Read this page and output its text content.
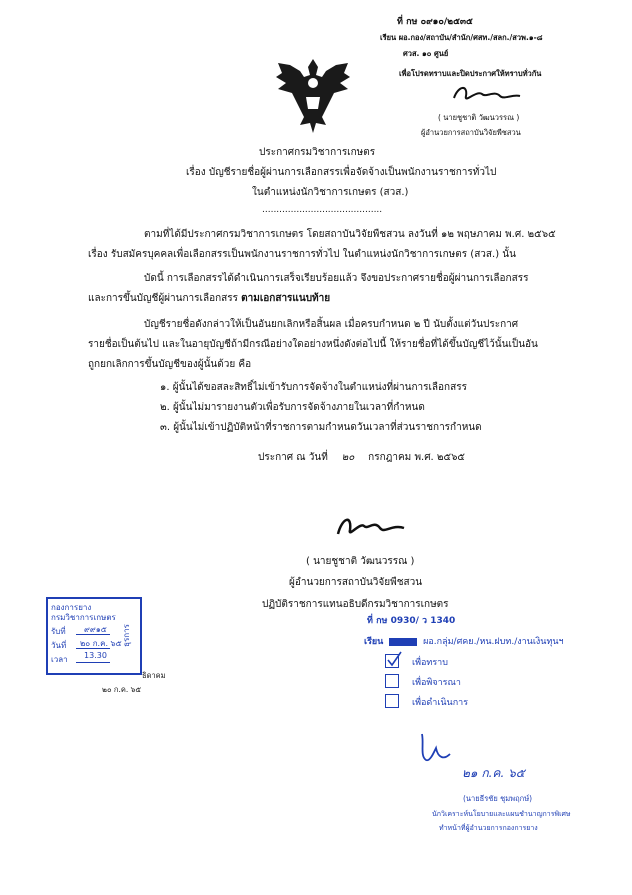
ที่ กษ ๐๙๑๐/๒๕๓๕
เรียน ผอ.กอง/สถาบัน/สำนัก/ศสท./สลก./สวพ.๑-๘
ศวส. ๑๐ ศูนย์
เพื่อโปรดทราบและปิดประกาศให้ทราบทั่วกัน
( นายชูชาติ วัฒนวรรณ )
ผู้อำนวยการสถาบันวิจัยพืชสวน
ประกาศกรมวิชาการเกษตร
เรื่อง บัญชีรายชื่อผู้ผ่านการเลือกสรรเพื่อจัดจ้างเป็นพนักงานราชการทั่วไป
ในตำแหน่งนักวิชาการเกษตร (สวส.)
..........................................
ตามที่ได้มีประกาศกรมวิชาการเกษตร โดยสถาบันวิจัยพืชสวน ลงวันที่ ๑๒ พฤษภาคม พ.ศ. ๒๕๖๕
เรื่อง รับสมัครบุคคลเพื่อเลือกสรรเป็นพนักงานราชการทั่วไป ในตำแหน่งนักวิชาการเกษตร (สวส.) นั้น
บัดนี้ การเลือกสรรได้ดำเนินการเสร็จเรียบร้อยแล้ว จึงขอประกาศรายชื่อผู้ผ่านการเลือกสรร
และการขึ้นบัญชีผู้ผ่านการเลือกสรร ตามเอกสารแนบท้าย
บัญชีรายชื่อดังกล่าวให้เป็นอันยกเลิกหรือสิ้นผล เมื่อครบกำหนด ๒ ปี นับตั้งแต่วันประกาศ
รายชื่อเป็นต้นไป และในอายุบัญชีถ้ามีกรณีอย่างใดอย่างหนึ่งดังต่อไปนี้ ให้รายชื่อที่ได้ขึ้นบัญชีไว้นั้นเป็นอัน
ถูกยกเลิกการขึ้นบัญชีของผู้นั้นด้วย คือ
๑. ผู้นั้นได้ขอสละสิทธิ์ไม่เข้ารับการจัดจ้างในตำแหน่งที่ผ่านการเลือกสรร
๒. ผู้นั้นไม่มารายงานตัวเพื่อรับการจัดจ้างภายในเวลาที่กำหนด
๓. ผู้นั้นไม่เข้าปฏิบัติหน้าที่ราชการตามกำหนดวันเวลาที่ส่วนราชการกำหนด
ประกาศ ณ วันที่ ๒๐ กรกฎาคม พ.ศ. ๒๕๖๕
( นายชูชาติ วัฒนวรรณ )
ผู้อำนวยการสถาบันวิจัยพืชสวน
ปฏิบัติราชการแทนอธิบดีกรมวิชาการเกษตร
กองการยาง
กรมวิชาการเกษตร
รับที่ ๙๙๑๕
วันที่ ๒๐ ก.ค. ๖๕
เวลา 13.30
ธุรการ
ธิดาคม
๒๐ ก.ค. ๖๕
ที่ กษ 0930/ ว 1340
เรียน	ผอ.กลุ่ม/ศคย./หน.ฝบท./งานเงินทุนฯ
เพื่อทราบ
เพื่อพิจารณา
เพื่อดำเนินการ
๒๑ ก.ค. ๖๕
(นายธีรชัย ชุมพฤกษ์)
นักวิเคราะห์นโยบายและแผนชำนาญการพิเศษ
ทำหน้าที่ผู้อำนวยการกองการยาง
